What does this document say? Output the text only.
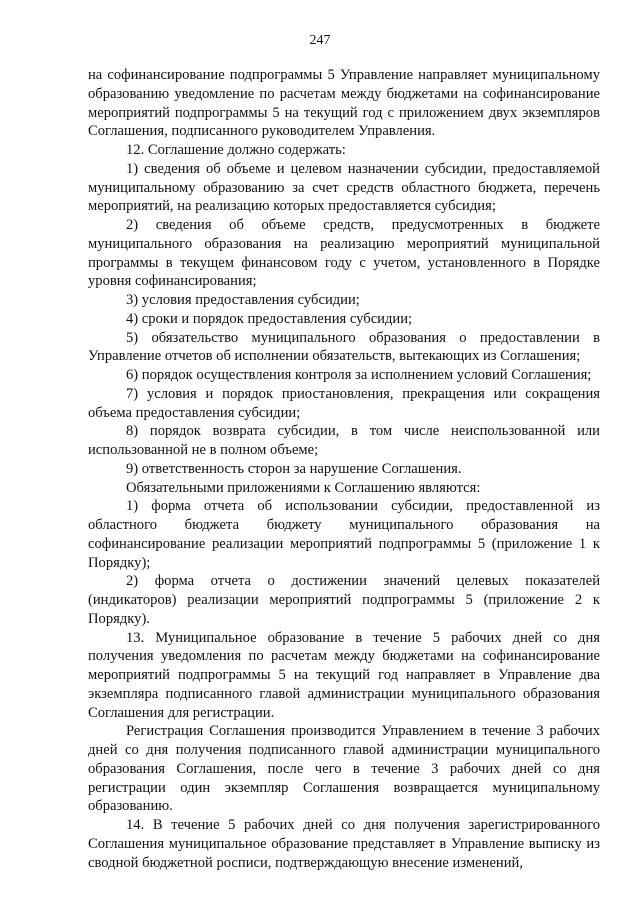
247

на софинансирование подпрограммы 5 Управление направляет муниципальному образованию уведомление по расчетам между бюджетами на софинансирование мероприятий подпрограммы 5 на текущий год с приложением двух экземпляров Соглашения, подписанного руководителем Управления.

12. Соглашение должно содержать:

1) сведения об объеме и целевом назначении субсидии, предоставляемой муниципальному образованию за счет средств областного бюджета, перечень мероприятий, на реализацию которых предоставляется субсидия;

2) сведения об объеме средств, предусмотренных в бюджете муниципального образования на реализацию мероприятий муниципальной программы в текущем финансовом году с учетом, установленного в Порядке уровня софинансирования;

3) условия предоставления субсидии;

4) сроки и порядок предоставления субсидии;

5) обязательство муниципального образования о предоставлении в Управление отчетов об исполнении обязательств, вытекающих из Соглашения;

6) порядок осуществления контроля за исполнением условий Соглашения;

7) условия и порядок приостановления, прекращения или сокращения объема предоставления субсидии;

8) порядок возврата субсидии, в том числе неиспользованной или использованной не в полном объеме;

9) ответственность сторон за нарушение Соглашения.

Обязательными приложениями к Соглашению являются:

1) форма отчета об использовании субсидии, предоставленной из областного бюджета бюджету муниципального образования на софинансирование реализации мероприятий подпрограммы 5 (приложение 1 к Порядку);

2) форма отчета о достижении значений целевых показателей (индикаторов) реализации мероприятий подпрограммы 5 (приложение 2 к Порядку).

13. Муниципальное образование в течение 5 рабочих дней со дня получения уведомления по расчетам между бюджетами на софинансирование мероприятий подпрограммы 5 на текущий год направляет в Управление два экземпляра подписанного главой администрации муниципального образования Соглашения для регистрации.

Регистрация Соглашения производится Управлением в течение 3 рабочих дней со дня получения подписанного главой администрации муниципального образования Соглашения, после чего в течение 3 рабочих дней со дня регистрации один экземпляр Соглашения возвращается муниципальному образованию.

14. В течение 5 рабочих дней со дня получения зарегистрированного Соглашения муниципальное образование представляет в Управление выписку из сводной бюджетной росписи, подтверждающую внесение изменений,
